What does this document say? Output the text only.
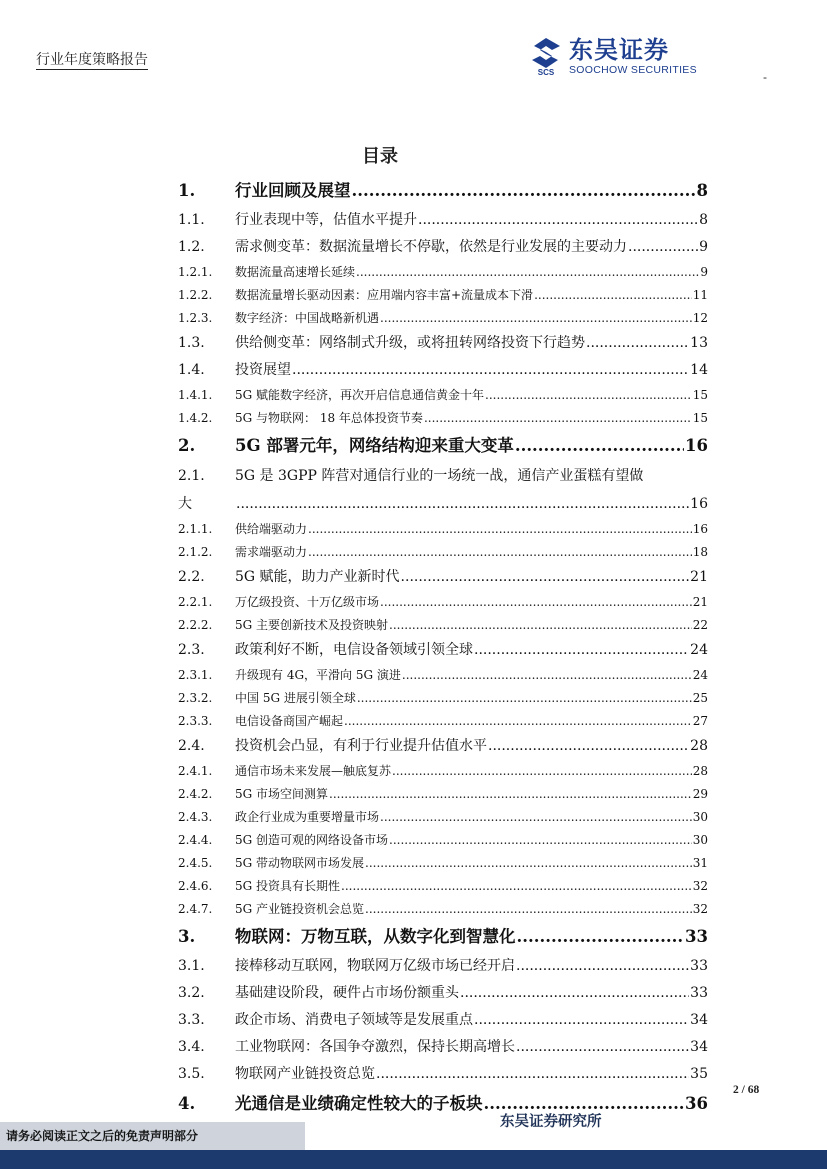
行业年度策略报告
SCS
东吴证券
SOOCHOW SECURITIES	-
目录
1.	行业回顾及展望 .....	8
1.1.	行业表现中等，估值水平提升 .....	8
1.2.	需求侧变革：数据流量增长不停歇，依然是行业发展的主要动力 .....	9
1.2.1.	数据流量高速增长延续 .....	9
1.2.2.	数据流量增长驱动因素：应用端内容丰富+流量成本下滑 .....	11
1.2.3.	数字经济：中国战略新机遇 .....	12
1.3.	供给侧变革：网络制式升级，或将扭转网络投资下行趋势 .....	13
1.4.	投资展望 .....	14
1.4.1.	5G 赋能数字经济，再次开启信息通信黄金十年 .....	15
1.4.2.	5G 与物联网： 18 年总体投资节奏 .....	15
2.	5G 部署元年，网络结构迎来重大变革 .....	16
2.1.	5G 是 3GPP 阵营对通信行业的一场统一战，通信产业蛋糕有望做
大 .....	16
2.1.1.	供给端驱动力 .....	16
2.1.2.	需求端驱动力 .....	18
2.2.	5G 赋能，助力产业新时代 .....	21
2.2.1.	万亿级投资、十万亿级市场 .....	21
2.2.2.	5G 主要创新技术及投资映射 .....	22
2.3.	政策利好不断，电信设备领域引领全球 .....	24
2.3.1.	升级现有 4G，平滑向 5G 演进 .....	24
2.3.2.	中国 5G 进展引领全球 .....	25
2.3.3.	电信设备商国产崛起 .....	27
2.4.	投资机会凸显，有利于行业提升估值水平 .....	28
2.4.1.	通信市场未来发展—触底复苏 .....	28
2.4.2.	5G 市场空间测算 .....	29
2.4.3.	政企行业成为重要增量市场 .....	30
2.4.4.	5G 创造可观的网络设备市场 .....	30
2.4.5.	5G 带动物联网市场发展 .....	31
2.4.6.	5G 投资具有长期性 .....	32
2.4.7.	5G 产业链投资机会总览 .....	32
3.	物联网：万物互联，从数字化到智慧化 .....	33
3.1.	接棒移动互联网，物联网万亿级市场已经开启 .....	33
3.2.	基础建设阶段，硬件占市场份额重头 .....	33
3.3.	政企市场、消费电子领域等是发展重点 .....	34
3.4.	工业物联网：各国争夺激烈，保持长期高增长 .....	34
3.5.	物联网产业链投资总览 .....	35
4.	光通信是业绩确定性较大的子板块 .....	36
2 / 68
东吴证券研究所
请务必阅读正文之后的免责声明部分
